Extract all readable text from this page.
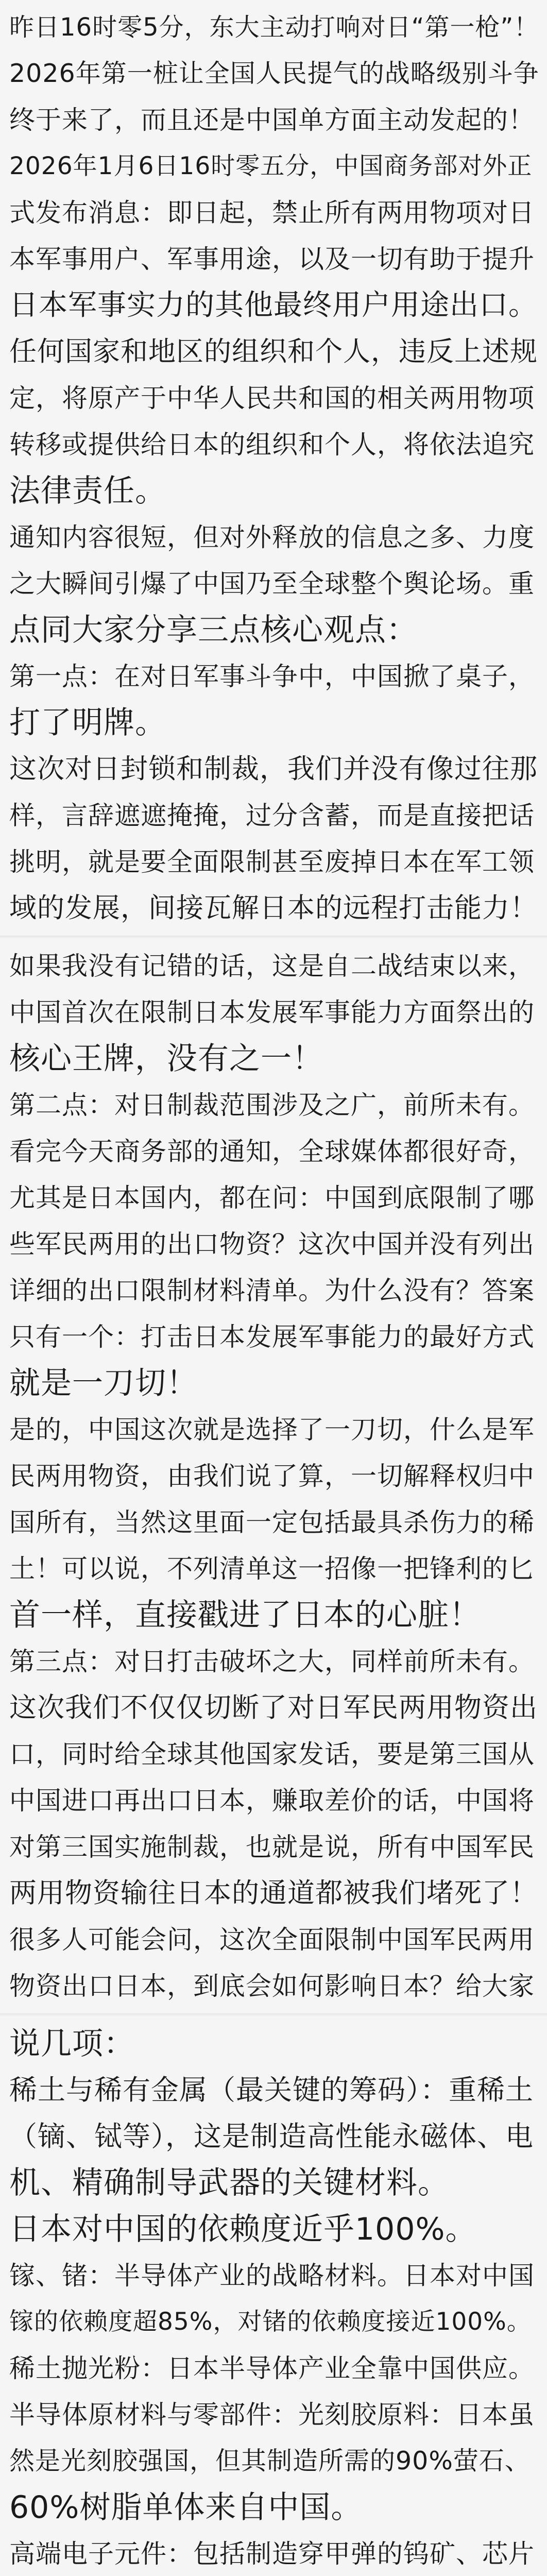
昨日16时零5分，东大主动打响对日“第一枪”！
2026年第一桩让全国人民提气的战略级别斗争
终于来了，而且还是中国单方面主动发起的！
2026年1月6日16时零五分，中国商务部对外正
式发布消息：即日起，禁止所有两用物项对日
本军事用户、军事用途，以及一切有助于提升
日本军事实力的其他最终用户用途出口。
任何国家和地区的组织和个人，违反上述规
定，将原产于中华人民共和国的相关两用物项
转移或提供给日本的组织和个人，将依法追究
法律责任。
通知内容很短，但对外释放的信息之多、力度
之大瞬间引爆了中国乃至全球整个舆论场。重
点同大家分享三点核心观点：
第一点：在对日军事斗争中，中国掀了桌子，
打了明牌。
这次对日封锁和制裁，我们并没有像过往那
样，言辞遮遮掩掩，过分含蓄，而是直接把话
挑明，就是要全面限制甚至废掉日本在军工领
域的发展，间接瓦解日本的远程打击能力！
如果我没有记错的话，这是自二战结束以来，
中国首次在限制日本发展军事能力方面祭出的
核心王牌，没有之一！
第二点：对日制裁范围涉及之广，前所未有。
看完今天商务部的通知，全球媒体都很好奇，
尤其是日本国内，都在问：中国到底限制了哪
些军民两用的出口物资？这次中国并没有列出
详细的出口限制材料清单。为什么没有？答案
只有一个：打击日本发展军事能力的最好方式
就是一刀切！
是的，中国这次就是选择了一刀切，什么是军
民两用物资，由我们说了算，一切解释权归中
国所有，当然这里面一定包括最具杀伤力的稀
土！可以说，不列清单这一招像一把锋利的匕
首一样，直接戳进了日本的心脏！
第三点：对日打击破坏之大，同样前所未有。
这次我们不仅仅切断了对日军民两用物资出
口，同时给全球其他国家发话，要是第三国从
中国进口再出口日本，赚取差价的话，中国将
对第三国实施制裁，也就是说，所有中国军民
两用物资输往日本的通道都被我们堵死了！
很多人可能会问，这次全面限制中国军民两用
物资出口日本，到底会如何影响日本？给大家
说几项：
稀土与稀有金属（最关键的筹码）：重稀土
（镝、铽等），这是制造高性能永磁体、电
机、精确制导武器的关键材料。
日本对中国的依赖度近乎100%。
镓、锗：半导体产业的战略材料。日本对中国
镓的依赖度超85%，对锗的依赖度接近100%。
稀土抛光粉：日本半导体产业全靠中国供应。
半导体原材料与零部件：光刻胶原料：日本虽
然是光刻胶强国，但其制造所需的90%萤石、
60%树脂单体来自中国。
高端电子元件：包括制造穿甲弹的钨矿、芯片
